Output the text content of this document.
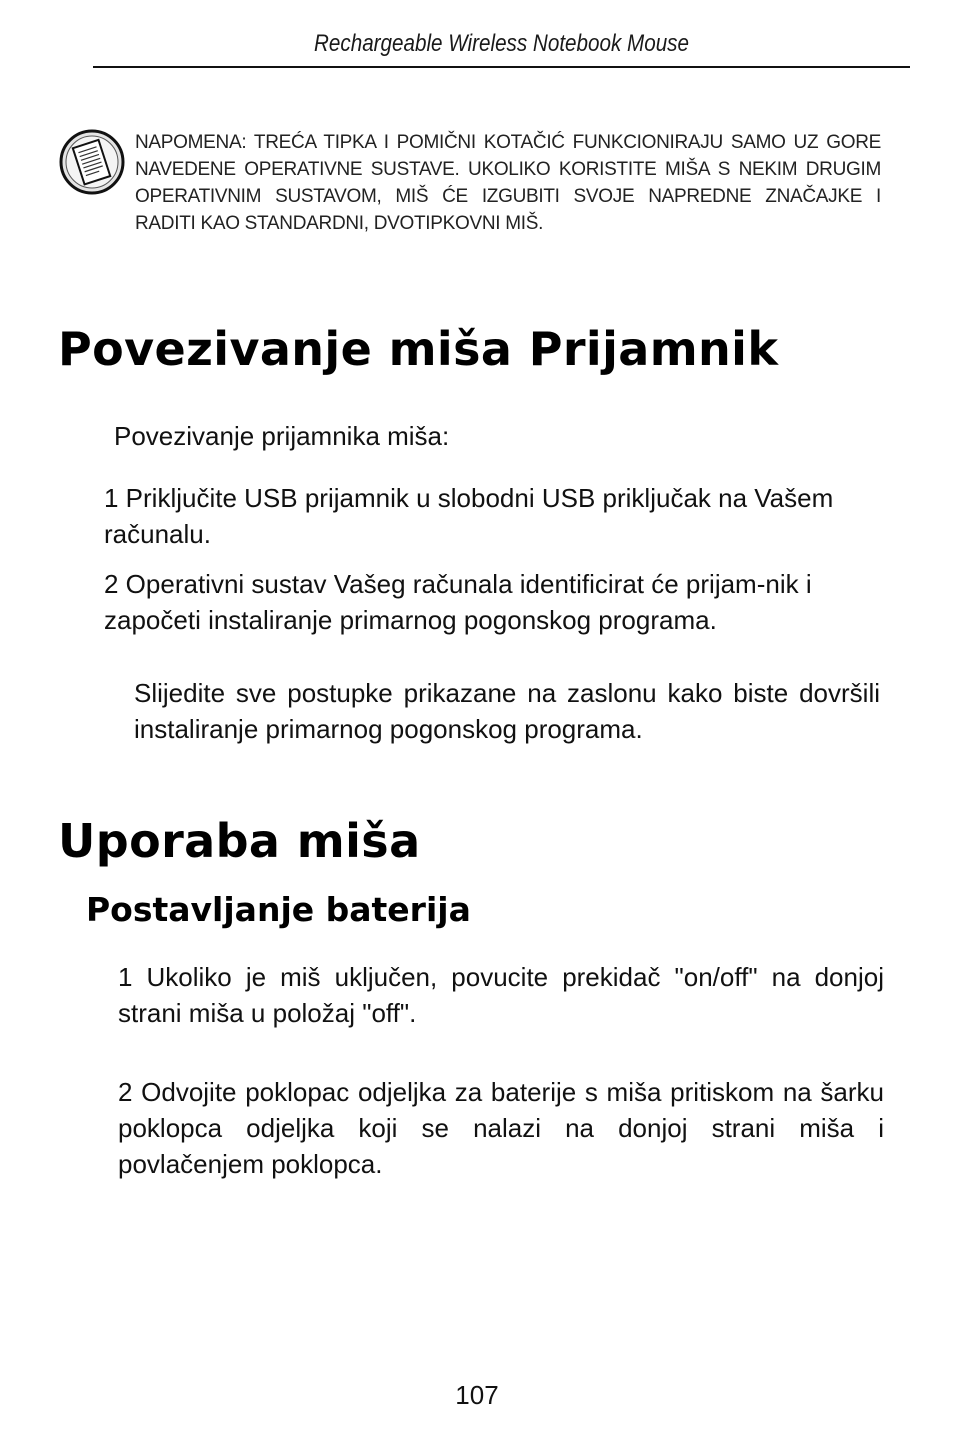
Rechargeable Wireless Notebook Mouse
NAPOMENA: TREĆA TIPKA I POMIČNI KOTAČIĆ FUNKCIONIRAJU SAMO UZ GORE
NAVEDENE OPERATIVNE SUSTAVE. UKOLIKO KORISTITE MIŠA S NEKIM DRUGIM
OPERATIVNIM SUSTAVOM, MIŠ ĆE IZGUBITI SVOJE NAPREDNE ZNAČAJKE I
RADITI KAO STANDARDNI, DVOTIPKOVNI MIŠ.
Povezivanje miša Prijamnik
Povezivanje prijamnika miša:
1 Priključite USB prijamnik u slobodni USB priključak na Vašem računalu.
2 Operativni sustav Vašeg računala identificirat će prijam-nik i započeti instaliranje primarnog pogonskog programa.
Slijedite sve postupke prikazane na zaslonu kako biste dovršili instaliranje primarnog pogonskog programa.
Uporaba miša
Postavljanje baterija
1 Ukoliko je miš uključen, povucite prekidač "on/off" na donjoj strani miša u položaj "off".
2 Odvojite poklopac odjeljka za baterije s miša pritiskom na šarku poklopca odjeljka koji se nalazi na donjoj strani miša i povlačenjem poklopca.
107
